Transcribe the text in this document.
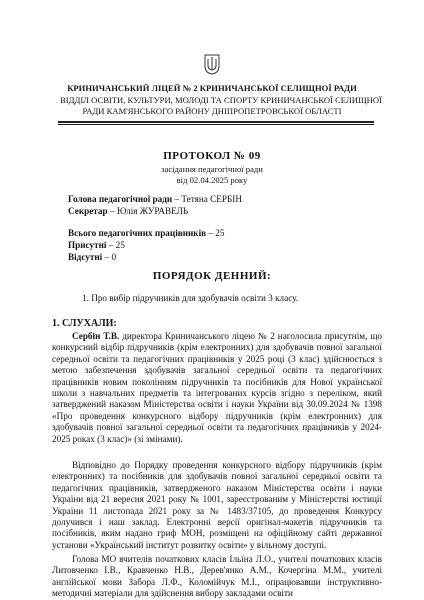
КРИНИЧАНСЬКИЙ ЛІЦЕЙ № 2 КРИНИЧАНСЬКОЇ СЕЛИЩНОЇ РАДИ
ВІДДІЛ ОСВІТИ, КУЛЬТУРИ, МОЛОДІ ТА СПОРТУ КРИНИЧАНСЬКОЇ СЕЛИЩНОЇ
РАДИ КАМ'ЯНСЬКОГО РАЙОНУ ДНІПРОПЕТРОВСЬКОЇ ОБЛАСТІ
ПРОТОКОЛ № 09
засідання педагогічної ради
від 02.04.2025 року
Голова педагогічної ради – Тетяна СЕРБІН
Секретар – Юлія ЖУРАВЕЛЬ
Всього педагогічних працівників – 25
Присутні – 25
Відсутні – 0
ПОРЯДОК ДЕННИЙ:
1. Про вибір підручників для здобувачів освіти 3 класу.
1. СЛУХАЛИ:

Сербін Т.В. директора Криничанського ліцею № 2 наголосила присутнім, що конкурсний відбір підручників (крім електронних) для здобувачів повної загальної середньої освіти та педагогічних працівників у 2025 році (3 клас) здійснюється з метою забезпечення здобувачів загальної середньої освіти та педагогічних працівників новим поколінням підручників та посібників для Нової української школи з навчальних предметів та інтегрованих курсів згідно з переліком, який затверджений наказом Міністерства освіти і науки України від 30.09.2024 № 1398 «Про проведення конкурсного відбору підручників (крім електронних) для здобувачів повної загальної середньої освіти та педагогічних працівників у 2024-2025 роках (3 клас)» (зі змінами).

Відповідно до Порядку проведення конкурсного відбору підручників (крім електронних) та посібників для здобувачів повної загальної середньої освіти та педагогічних працівників, затвердженого наказом Міністерства освіти і науки України від 21 вересня 2021 року № 1001, зареєстрованим у Міністерстві юстиції України 11 листопада 2021 року за № 1483/37105, до проведення Конкурсу долучився і наш заклад. Електронні версії оригінал-макетів підручників та посібників, яким надано гриф МОН, розміщені на офіційному сайті державної установи «Український інститут розвитку освіти» у вільному доступі.

Голова МО вчителів початкових класів Ільїна Л.О., учителі початкових класів Литовченко І.В., Кравченко Н.В., Дерев'янко А.М., Кочергіна М.М., учителі англійської мови Забора Л.Ф., Коломійчук М.І., опрацювавши інструктивно-методичні матеріали для здійснення вибору закладами освіти
